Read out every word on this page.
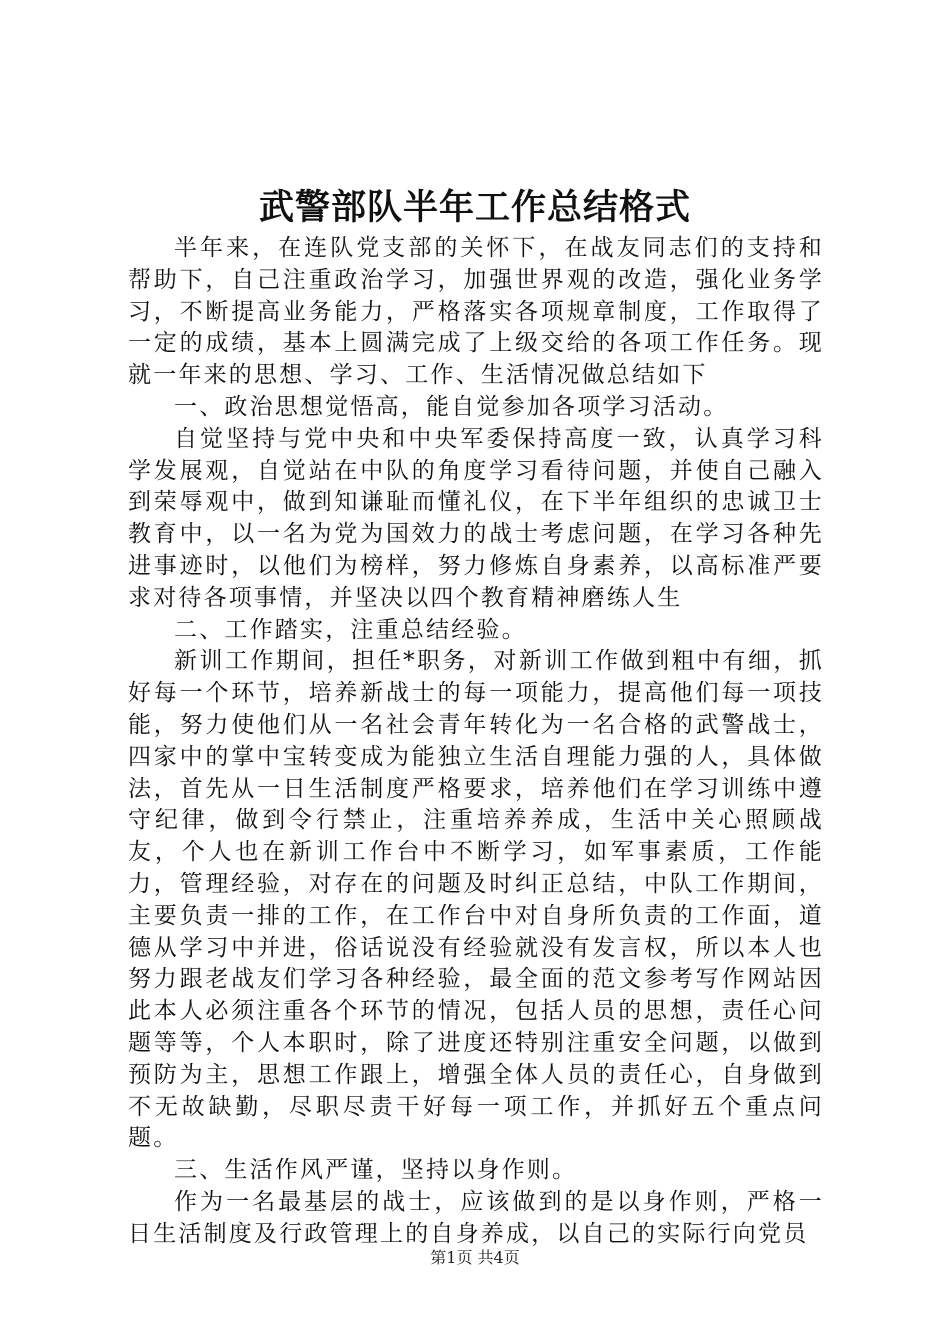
武警部队半年工作总结格式

半年来，在连队党支部的关怀下，在战友同志们的支持和帮助下，自己注重政治学习，加强世界观的改造，强化业务学习，不断提高业务能力，严格落实各项规章制度，工作取得了一定的成绩，基本上圆满完成了上级交给的各项工作任务。现就一年来的思想、学习、工作、生活情况做总结如下

一、政治思想觉悟高，能自觉参加各项学习活动。

自觉坚持与党中央和中央军委保持高度一致，认真学习科学发展观，自觉站在中队的角度学习看待问题，并使自己融入到荣辱观中，做到知谦耻而懂礼仪，在下半年组织的忠诚卫士教育中，以一名为党为国效力的战士考虑问题，在学习各种先进事迹时，以他们为榜样，努力修炼自身素养，以高标准严要求对待各项事情，并坚决以四个教育精神磨练人生

二、工作踏实，注重总结经验。

新训工作期间，担任*职务，对新训工作做到粗中有细，抓好每一个环节，培养新战士的每一项能力，提高他们每一项技能，努力使他们从一名社会青年转化为一名合格的武警战士，四家中的掌中宝转变成为能独立生活自理能力强的人，具体做法，首先从一日生活制度严格要求，培养他们在学习训练中遵守纪律，做到令行禁止，注重培养养成，生活中关心照顾战友，个人也在新训工作台中不断学习，如军事素质，工作能力，管理经验，对存在的问题及时纠正总结，中队工作期间，主要负责一排的工作，在工作台中对自身所负责的工作面，道德从学习中并进，俗话说没有经验就没有发言权，所以本人也努力跟老战友们学习各种经验，最全面的范文参考写作网站因此本人必须注重各个环节的情况，包括人员的思想，责任心问题等等，个人本职时，除了进度还特别注重安全问题，以做到预防为主，思想工作跟上，增强全体人员的责任心，自身做到不无故缺勤，尽职尽责干好每一项工作，并抓好五个重点问题。

三、生活作风严谨，坚持以身作则。

作为一名最基层的战士，应该做到的是以身作则，严格一日生活制度及行政管理上的自身养成，以自己的实际行向党员

第1页 共4页
